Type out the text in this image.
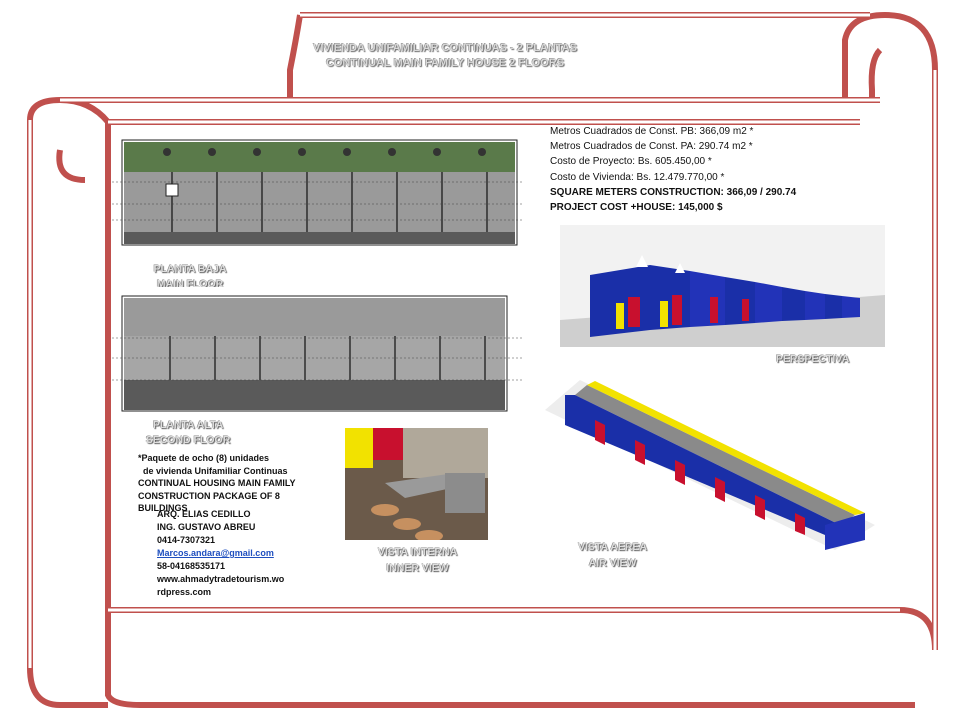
VIVIENDA UNIFAMILIAR CONTINUAS - 2 PLANTAS
CONTINUAL MAIN FAMILY HOUSE 2 FLOORS
PLANTA BAJA
MAIN FLOOR
PLANTA ALTA
SECOND FLOOR
Metros Cuadrados de Const. PB: 366,09 m2 *
Metros Cuadrados de Const. PA: 290.74 m2 *
Costo de Proyecto: Bs. 605.450,00 *
Costo de Vivienda: Bs. 12.479.770,00 *
SQUARE METERS CONSTRUCTION: 366,09 / 290.74
PROJECT COST +HOUSE: 145,000 $
PERSPECTIVA
VISTA AEREA
AIR VIEW
VISTA INTERNA
INNER VIEW
*Paquete de ocho (8) unidades
de vivienda Unifamiliar Continuas
CONTINUAL HOUSING MAIN FAMILY
CONSTRUCTION PACKAGE OF 8
BUILDINGS
ARQ. ELIAS CEDILLO
ING. GUSTAVO ABREU
0414-7307321
Marcos.andara@gmail.com
58-04168535171
www.ahmadytradetourism.wo
rdpress.com
